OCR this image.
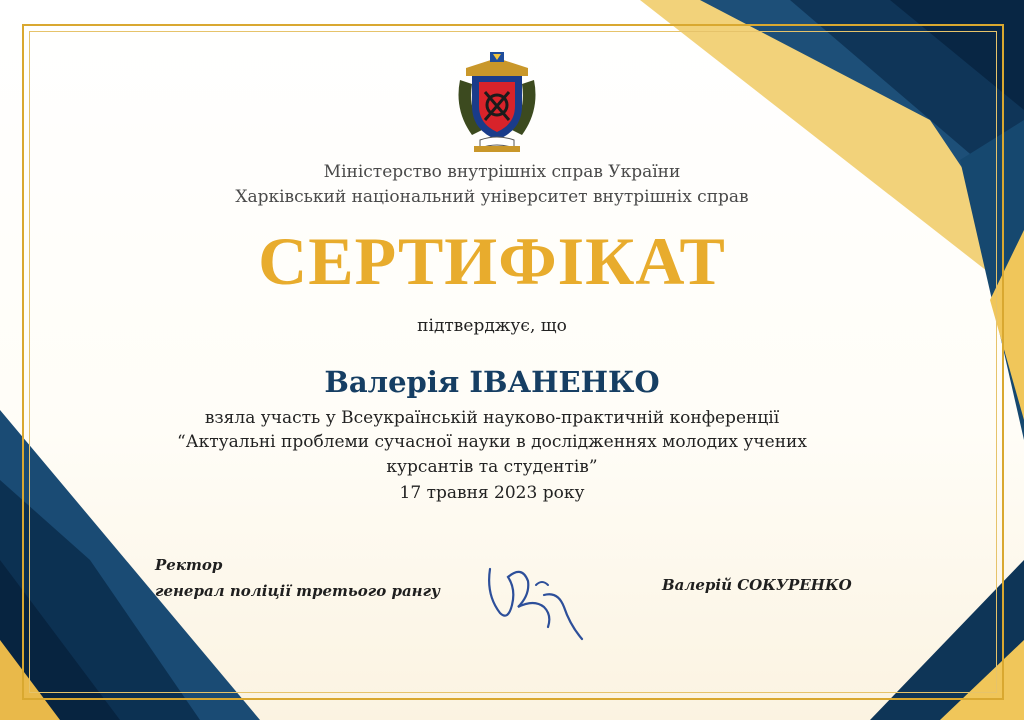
Міністерство внутрішніх справ України
Харківський національний університет внутрішніх справ
СЕРТИФІКАТ
підтверджує, що
Валерія ІВАНЕНКО
взяла участь у Всеукраїнській науково-практичній конференції
“Актуальні проблеми сучасної науки в дослідженнях молодих учених
курсантів та студентів”
17 травня 2023 року
Ректор
генерал поліції третього рангу	Валерій СОКУРЕНКО
